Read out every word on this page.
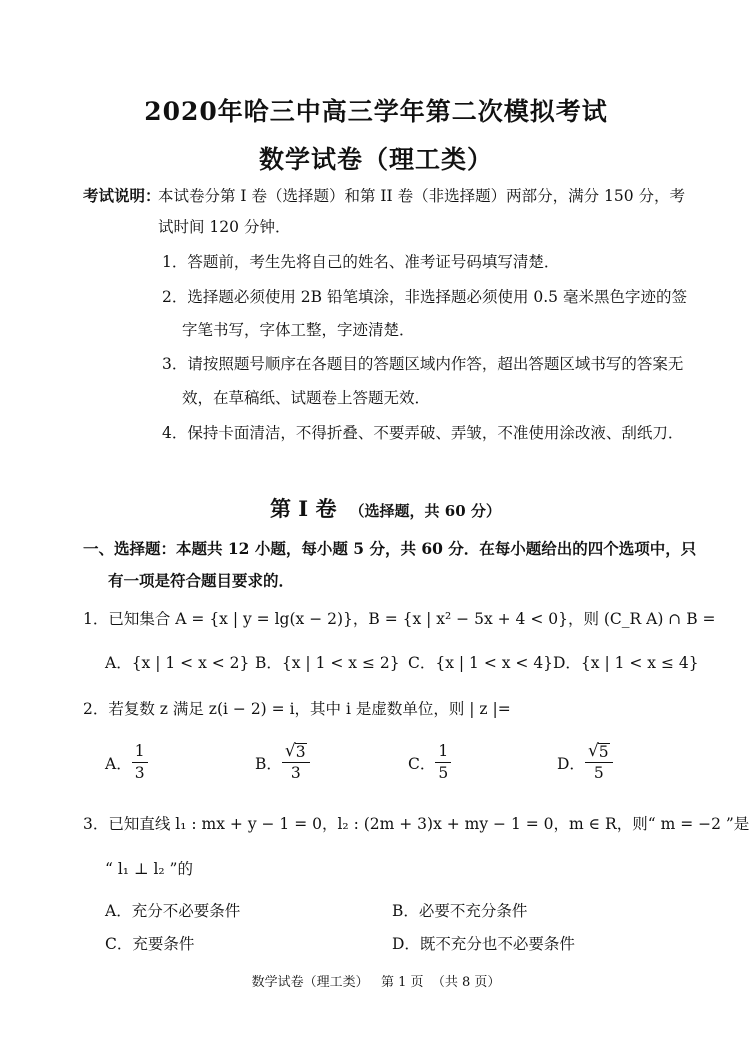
2020年哈三中高三学年第二次模拟考试
数学试卷（理工类）
考试说明：
本试卷分第 I 卷（选择题）和第 II 卷（非选择题）两部分，满分 150 分，考
试时间 120 分钟．
1．答题前，考生先将自己的姓名、准考证号码填写清楚．
2．选择题必须使用 2B 铅笔填涂，非选择题必须使用 0.5 毫米黑色字迹的签
字笔书写，字体工整，字迹清楚．
3．请按照题号顺序在各题目的答题区域内作答，超出答题区域书写的答案无
效，在草稿纸、试题卷上答题无效．
4．保持卡面清洁，不得折叠、不要弄破、弄皱，不准使用涂改液、刮纸刀．
第 I 卷 （选择题，共 60 分）
一、选择题：本题共 12 小题，每小题 5 分，共 60 分．在每小题给出的四个选项中，只
有一项是符合题目要求的．
1．已知集合 A = {x | y = lg(x − 2)}，B = {x | x² − 5x + 4 < 0}，则 (C_R A) ∩ B =
A．{x | 1 < x < 2} B．{x | 1 < x ≤ 2} C．{x | 1 < x < 4} D．{x | 1 < x ≤ 4}
2．若复数 z 满足 z(i − 2) = i，其中 i 是虚数单位，则 | z |=
A． $\frac{1}{3}$	B． $\frac{√ 3}{3}$	C． $\frac{1}{5}$	D． $\frac{√ 5}{5}$
3．已知直线 l₁ : mx + y − 1 = 0，l₂ : (2m + 3)x + my − 1 = 0，m ∈ R，则“ m = −2 ”是
“ l₁ ⊥ l₂ ”的
A．充分不必要条件	B．必要不充分条件
C．充要条件	D．既不充分也不必要条件
数学试卷（理工类）   第 1 页  （共 8 页）
